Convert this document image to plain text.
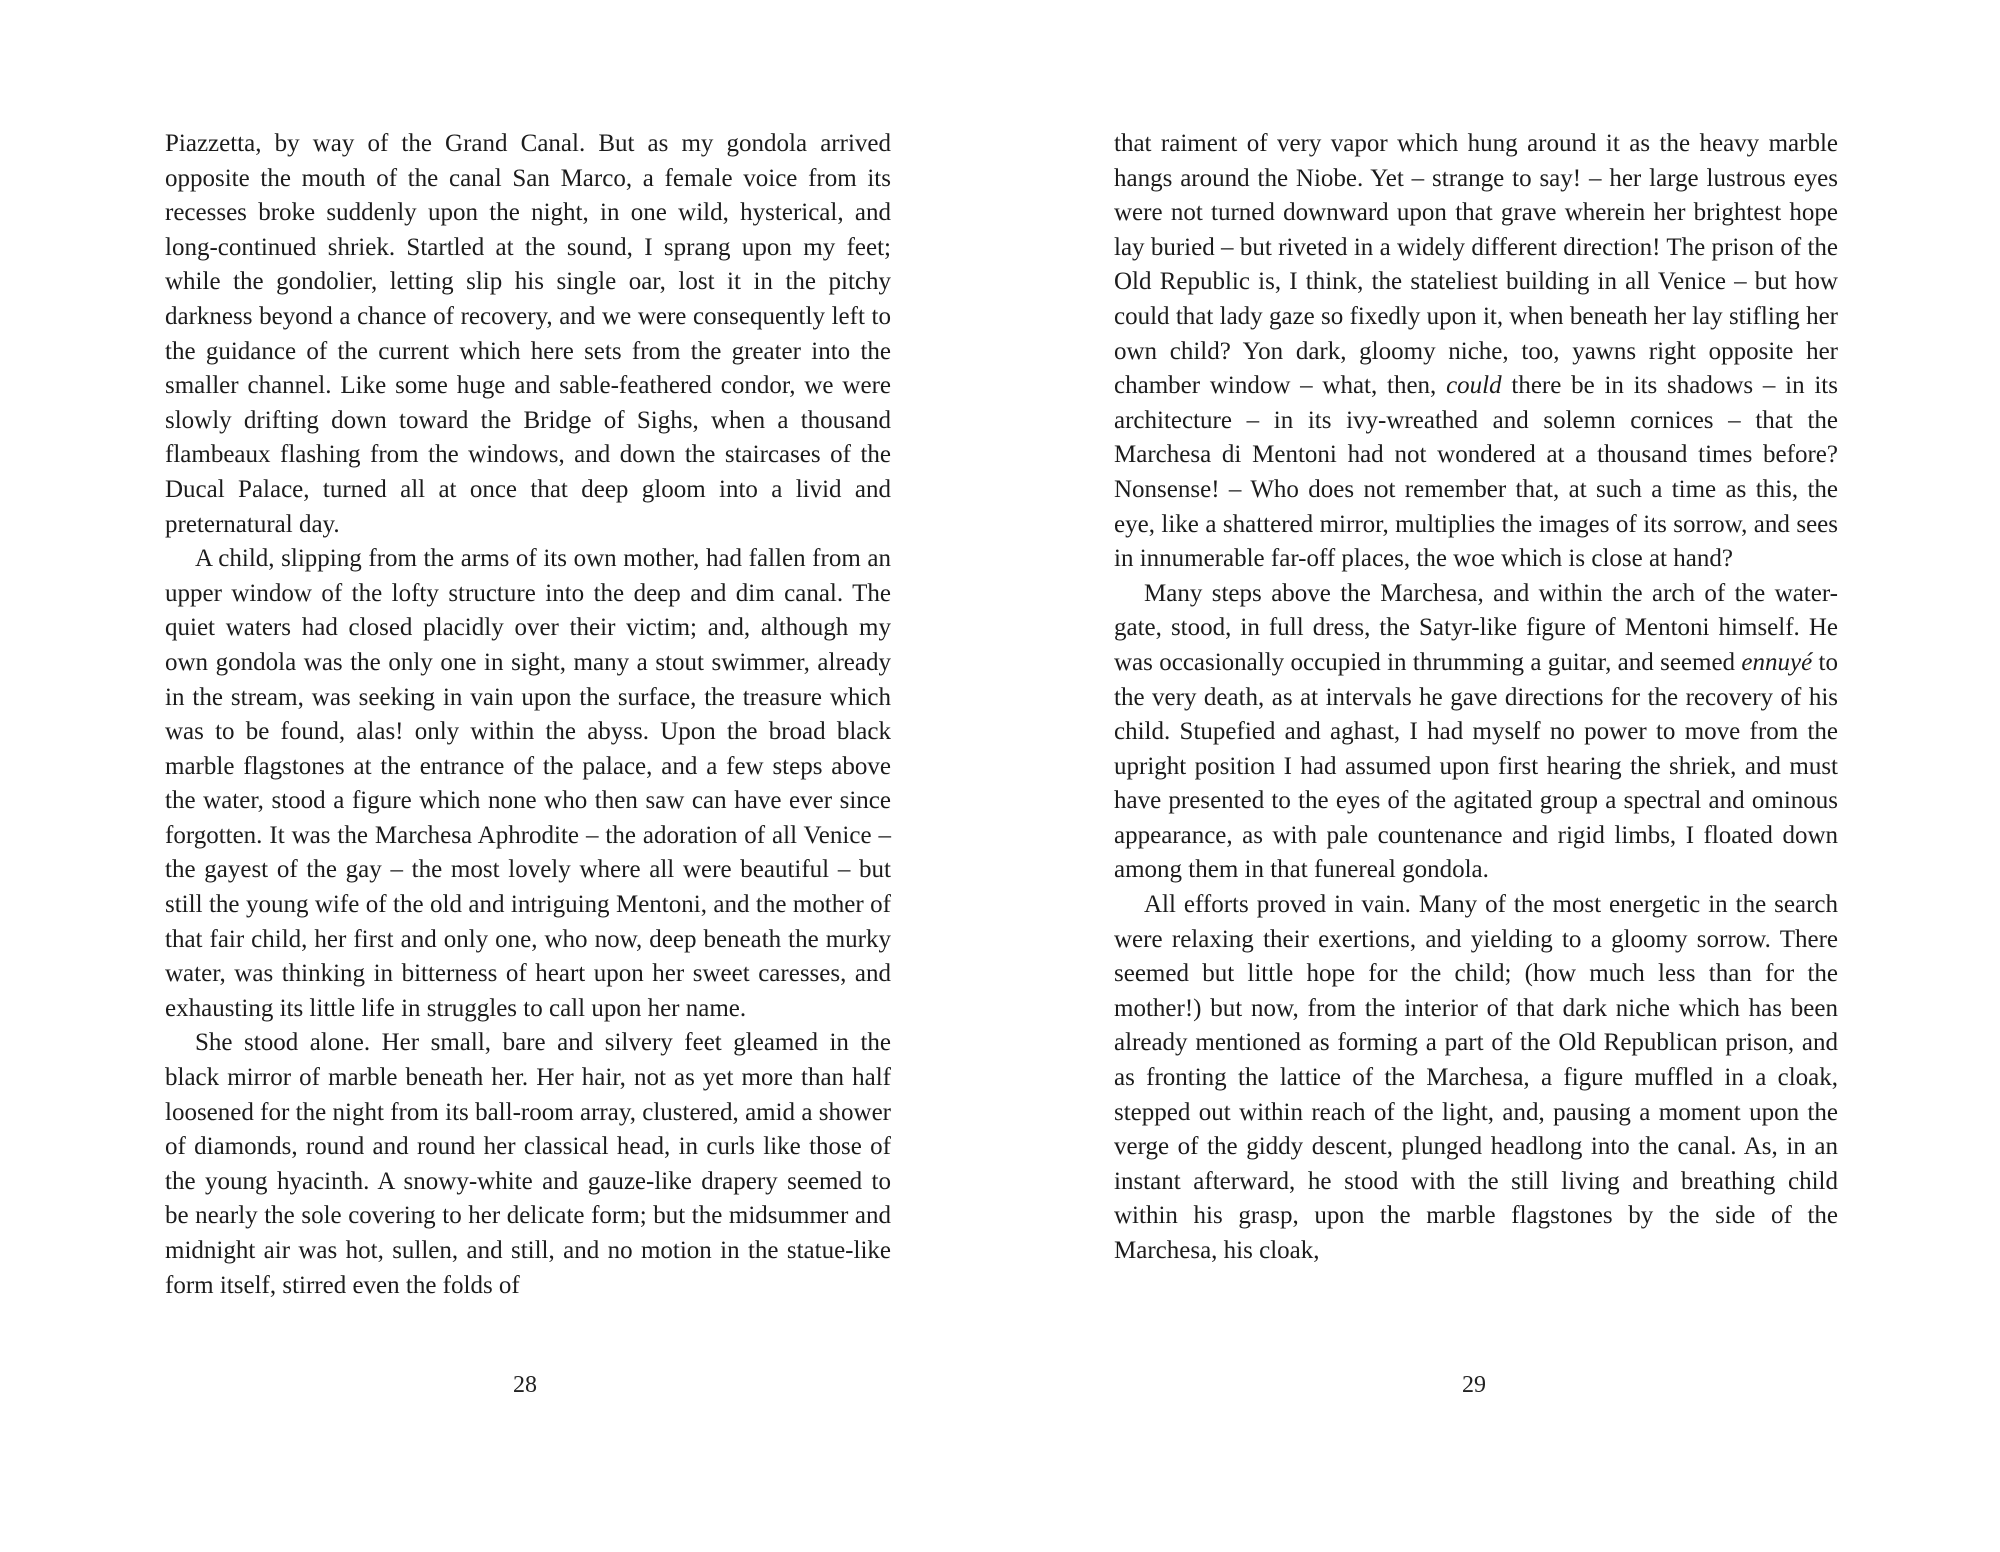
Piazzetta, by way of the Grand Canal. But as my gondola arrived opposite the mouth of the canal San Marco, a female voice from its recesses broke suddenly upon the night, in one wild, hysterical, and long-continued shriek. Startled at the sound, I sprang upon my feet; while the gondolier, letting slip his single oar, lost it in the pitchy darkness beyond a chance of recovery, and we were consequently left to the guidance of the current which here sets from the greater into the smaller channel. Like some huge and sable-feathered condor, we were slowly drifting down toward the Bridge of Sighs, when a thousand flambeaux flashing from the windows, and down the staircases of the Ducal Palace, turned all at once that deep gloom into a livid and preternatural day.

A child, slipping from the arms of its own mother, had fallen from an upper window of the lofty structure into the deep and dim canal. The quiet waters had closed placidly over their victim; and, although my own gondola was the only one in sight, many a stout swimmer, already in the stream, was seeking in vain upon the surface, the treasure which was to be found, alas! only within the abyss. Upon the broad black marble flagstones at the entrance of the palace, and a few steps above the water, stood a figure which none who then saw can have ever since forgotten. It was the Marchesa Aphrodite – the adoration of all Venice – the gayest of the gay – the most lovely where all were beautiful – but still the young wife of the old and intriguing Mentoni, and the mother of that fair child, her first and only one, who now, deep beneath the murky water, was thinking in bitterness of heart upon her sweet caresses, and exhausting its little life in struggles to call upon her name.

She stood alone. Her small, bare and silvery feet gleamed in the black mirror of marble beneath her. Her hair, not as yet more than half loosened for the night from its ball-room array, clustered, amid a shower of diamonds, round and round her classical head, in curls like those of the young hyacinth. A snowy-white and gauze-like drapery seemed to be nearly the sole covering to her delicate form; but the midsummer and midnight air was hot, sullen, and still, and no motion in the statue-like form itself, stirred even the folds of

28

that raiment of very vapor which hung around it as the heavy marble hangs around the Niobe. Yet – strange to say! – her large lustrous eyes were not turned downward upon that grave wherein her brightest hope lay buried – but riveted in a widely different direction! The prison of the Old Republic is, I think, the stateliest building in all Venice – but how could that lady gaze so fixedly upon it, when beneath her lay stifling her own child? Yon dark, gloomy niche, too, yawns right opposite her chamber window – what, then, could there be in its shadows – in its architecture – in its ivy-wreathed and solemn cornices – that the Marchesa di Mentoni had not wondered at a thousand times before? Nonsense! – Who does not remember that, at such a time as this, the eye, like a shattered mirror, multiplies the images of its sorrow, and sees in innumerable far-off places, the woe which is close at hand?

Many steps above the Marchesa, and within the arch of the water-gate, stood, in full dress, the Satyr-like figure of Mentoni himself. He was occasionally occupied in thrumming a guitar, and seemed ennuyé to the very death, as at intervals he gave directions for the recovery of his child. Stupefied and aghast, I had myself no power to move from the upright position I had assumed upon first hearing the shriek, and must have presented to the eyes of the agitated group a spectral and ominous appearance, as with pale countenance and rigid limbs, I floated down among them in that funereal gondola.

All efforts proved in vain. Many of the most energetic in the search were relaxing their exertions, and yielding to a gloomy sorrow. There seemed but little hope for the child; (how much less than for the mother!) but now, from the interior of that dark niche which has been already mentioned as forming a part of the Old Republican prison, and as fronting the lattice of the Marchesa, a figure muffled in a cloak, stepped out within reach of the light, and, pausing a moment upon the verge of the giddy descent, plunged headlong into the canal. As, in an instant afterward, he stood with the still living and breathing child within his grasp, upon the marble flagstones by the side of the Marchesa, his cloak,

29
